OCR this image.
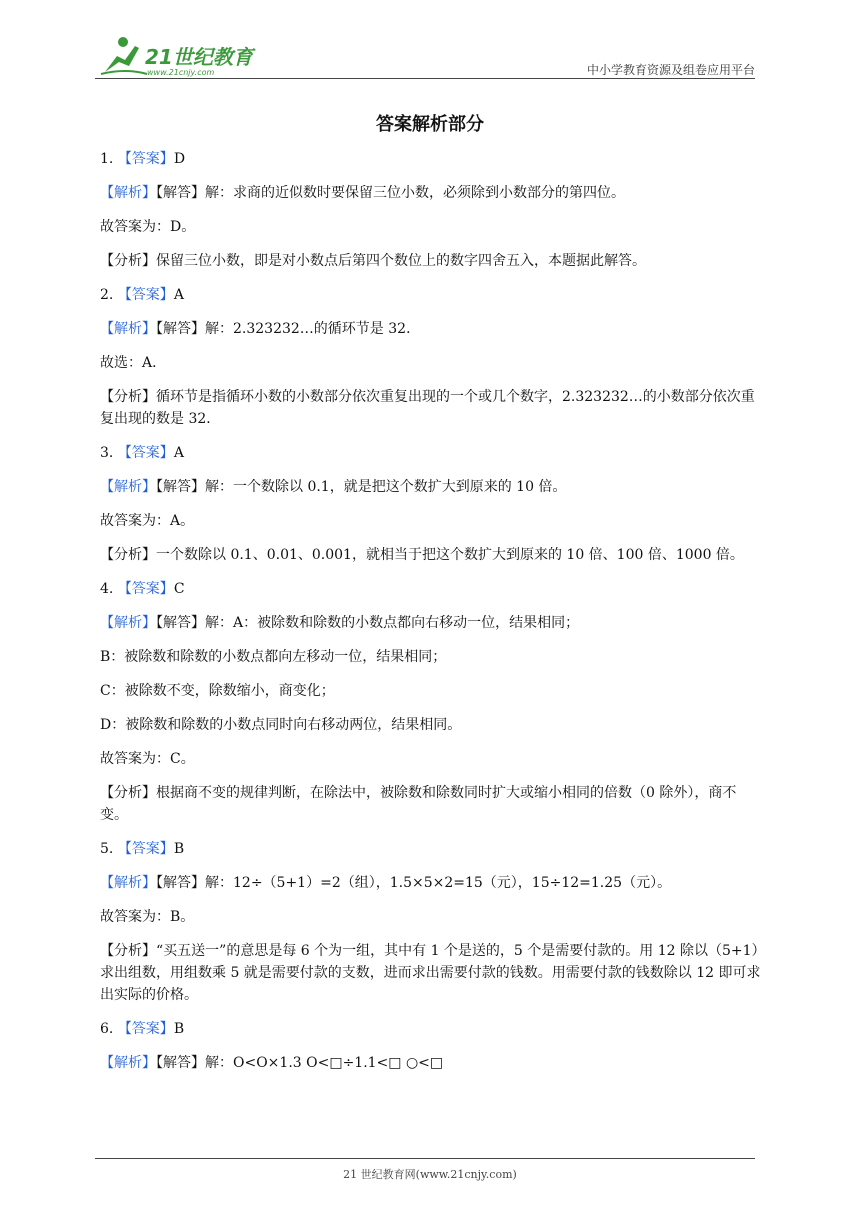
21世纪教育
www.21cnjy.com	中小学教育资源及组卷应用平台
答案解析部分
1. 【答案】D
【解析】【解答】解：求商的近似数时要保留三位小数，必须除到小数部分的第四位。
故答案为：D。
【分析】保留三位小数，即是对小数点后第四个数位上的数字四舍五入，本题据此解答。
2. 【答案】A
【解析】【解答】解：2.323232…的循环节是 32．
故选：A．
【分析】循环节是指循环小数的小数部分依次重复出现的一个或几个数字，2.323232…的小数部分依次重复出现的数是 32．
3. 【答案】A
【解析】【解答】解：一个数除以 0.1，就是把这个数扩大到原来的 10 倍。
故答案为：A。
【分析】一个数除以 0.1、0.01、0.001，就相当于把这个数扩大到原来的 10 倍、100 倍、1000 倍。
4. 【答案】C
【解析】【解答】解：A：被除数和除数的小数点都向右移动一位，结果相同；
B：被除数和除数的小数点都向左移动一位，结果相同；
C：被除数不变，除数缩小，商变化；
D：被除数和除数的小数点同时向右移动两位，结果相同。
故答案为：C。
【分析】根据商不变的规律判断，在除法中，被除数和除数同时扩大或缩小相同的倍数（0 除外），商不变。
5. 【答案】B
【解析】【解答】解：12÷（5+1）=2（组），1.5×5×2=15（元），15÷12=1.25（元）。
故答案为：B。
【分析】“买五送一”的意思是每 6 个为一组，其中有 1 个是送的，5 个是需要付款的。用 12 除以（5+1）求出组数，用组数乘 5 就是需要付款的支数，进而求出需要付款的钱数。用需要付款的钱数除以 12 即可求出实际的价格。
6. 【答案】B
【解析】【解答】解：O<O×1.3 O<□÷1.1<□ ○<□
21 世纪教育网(www.21cnjy.com)
